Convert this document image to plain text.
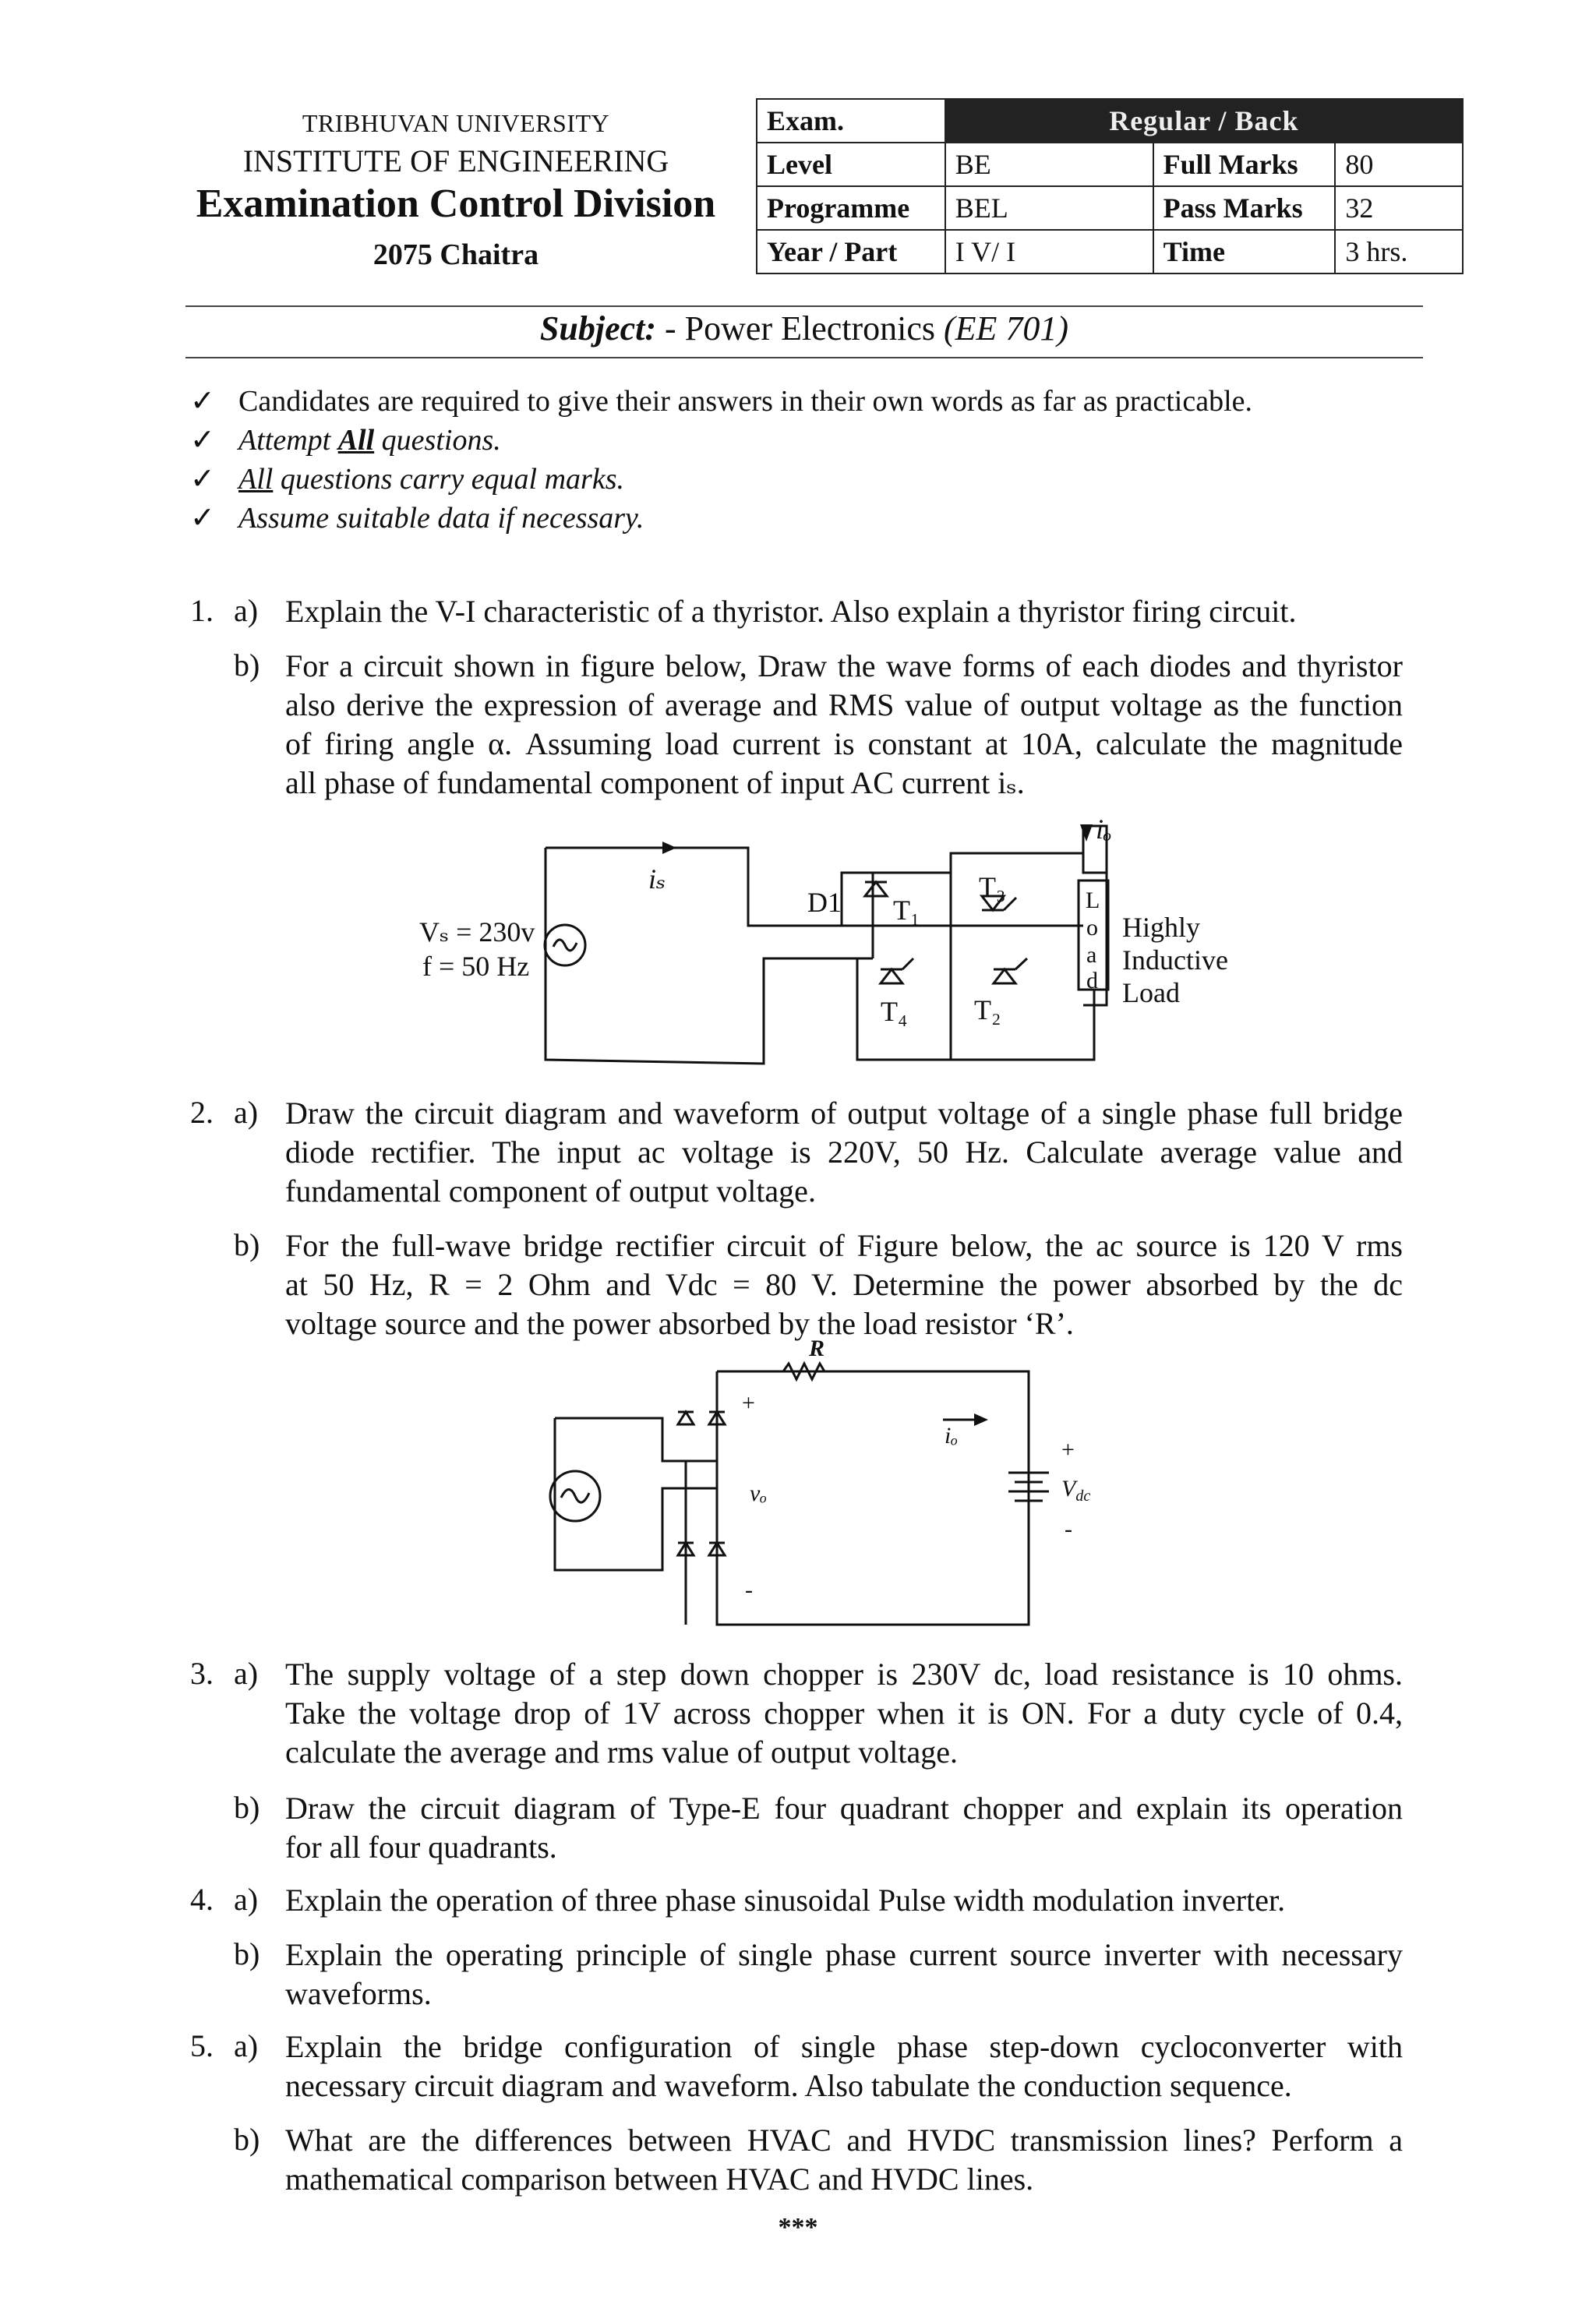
TRIBHUVAN UNIVERSITY
INSTITUTE OF ENGINEERING
Examination Control Division
2075 Chaitra
Exam.	Regular / Back		
Level	BE	Full Marks	80
Programme	BEL	Pass Marks	32
Year / Part	I V/ I	Time	3 hrs.
Subject: - Power Electronics (EE 701)
✓ Candidates are required to give their answers in their own words as far as practicable.
✓ Attempt All questions.
✓ All questions carry equal marks.
✓ Assume suitable data if necessary.
1. a) Explain the V-I characteristic of a thyristor. Also explain a thyristor firing circuit.
b) For a circuit shown in figure below, Draw the wave forms of each diodes and thyristor

also derive the expression of average and RMS value of output voltage as the function

of firing angle α. Assuming load current is constant at 10A, calculate the magnitude

all phase of fundamental component of input AC current iₛ.

Vₛ = 230v
f = 50 Hz
iₛ
iₒ
D1 T₁
T₃
T₄ T₂
L
o
a
d
Highly
Inductive
Load
2. a) Draw the circuit diagram and waveform of output voltage of a single phase full bridge

diode rectifier. The input ac voltage is 220V, 50 Hz. Calculate average value and

fundamental component of output voltage.

b) For the full-wave bridge rectifier circuit of Figure below, the ac source is 120 V rms

at 50 Hz, R = 2 Ohm and Vdc = 80 V. Determine the power absorbed by the dc

voltage source and the power absorbed by the load resistor ‘R’.

R
+
vₒ
-
iₒ
+
$V_{dc}$
-
3. a) The supply voltage of a step down chopper is 230V dc, load resistance is 10 ohms.

Take the voltage drop of 1V across chopper when it is ON. For a duty cycle of 0.4,

calculate the average and rms value of output voltage.

b) Draw the circuit diagram of Type-E four quadrant chopper and explain its operation

for all four quadrants.

4. a) Explain the operation of three phase sinusoidal Pulse width modulation inverter.
b) Explain the operating principle of single phase current source inverter with necessary

waveforms.

5. a) Explain the bridge configuration of single phase step-down cycloconverter with

necessary circuit diagram and waveform. Also tabulate the conduction sequence.

b) What are the differences between HVAC and HVDC transmission lines? Perform a

mathematical comparison between HVAC and HVDC lines.

***
